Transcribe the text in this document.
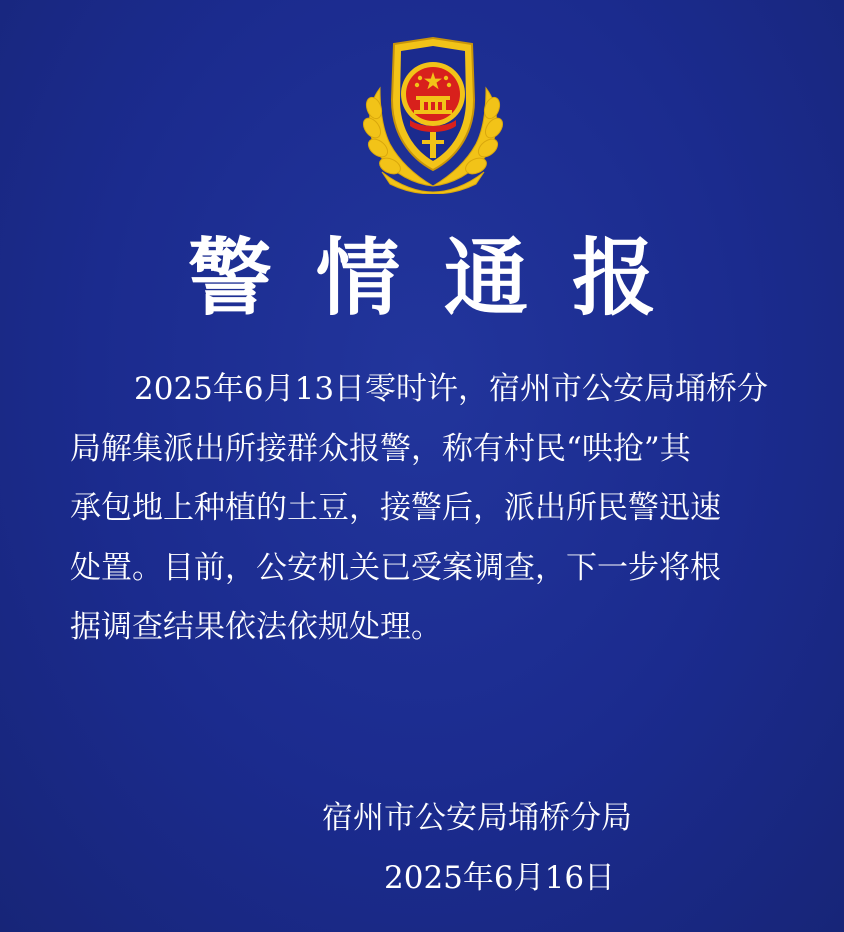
警情通报
2025年6月13日零时许，宿州市公安局埇桥分
局解集派出所接群众报警，称有村民“哄抢”其
承包地上种植的土豆，接警后，派出所民警迅速
处置。目前，公安机关已受案调查，下一步将根
据调查结果依法依规处理。
宿州市公安局埇桥分局
2025年6月16日
